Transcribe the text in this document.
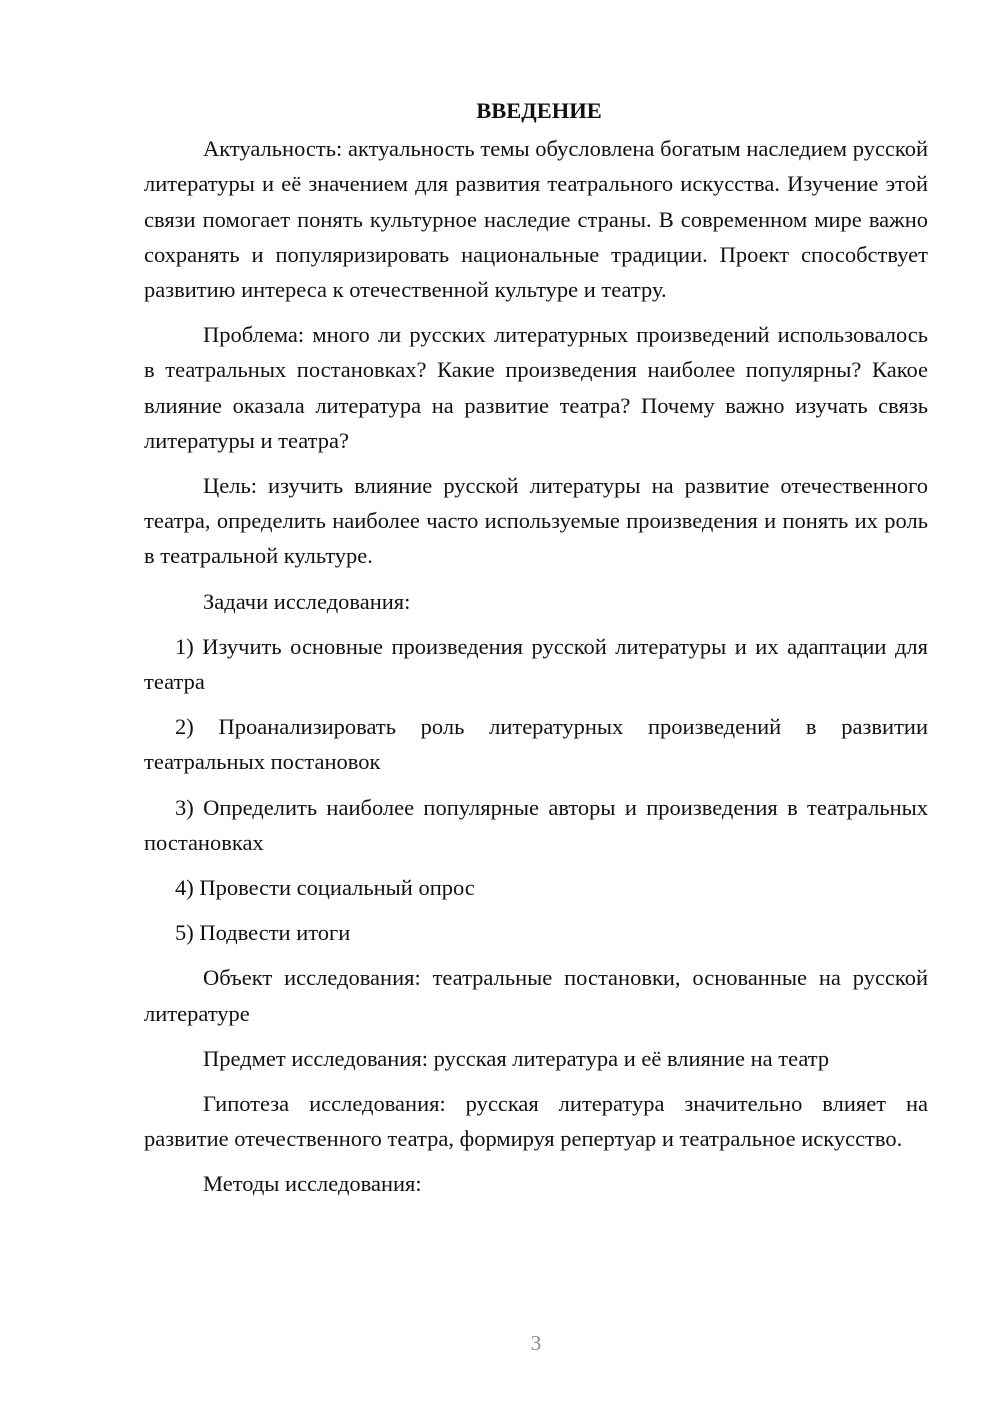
ВВЕДЕНИЕ

Актуальность: актуальность темы обусловлена богатым наследием русской литературы и её значением для развития театрального искусства. Изучение этой связи помогает понять культурное наследие страны. В современном мире важно сохранять и популяризировать национальные традиции. Проект способствует развитию интереса к отечественной культуре и театру.

Проблема: много ли русских литературных произведений использовалось в театральных постановках? Какие произведения наиболее популярны? Какое влияние оказала литература на развитие театра? Почему важно изучать связь литературы и театра?

Цель: изучить влияние русской литературы на развитие отечественного театра, определить наиболее часто используемые произведения и понять их роль в театральной культуре.

Задачи исследования:

1) Изучить основные произведения русской литературы и их адаптации для театра

2) Проанализировать роль литературных произведений в развитии театральных постановок

3) Определить наиболее популярные авторы и произведения в театральных постановках

4) Провести социальный опрос

5) Подвести итоги

Объект исследования: театральные постановки, основанные на русской литературе

Предмет исследования: русская литература и её влияние на театр

Гипотеза исследования: русская литература значительно влияет на развитие отечественного театра, формируя репертуар и театральное искусство.

Методы исследования:

3
